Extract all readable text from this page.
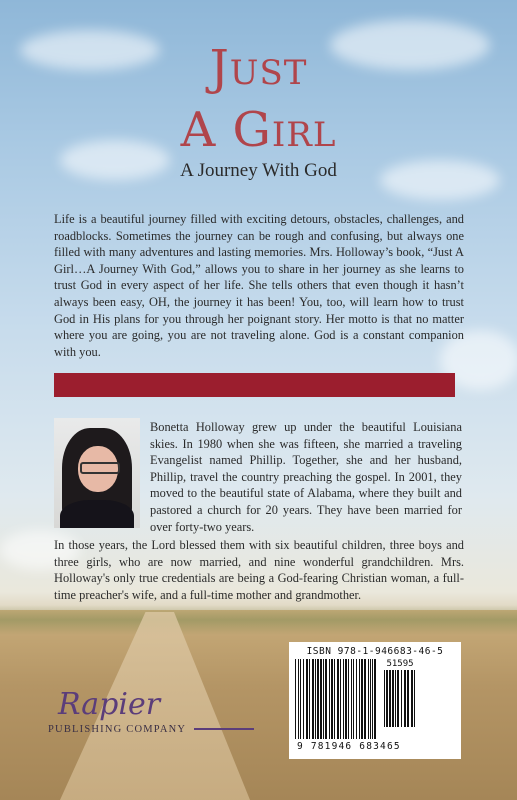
Just
A Girl
A Journey With God
Life is a beautiful journey filled with exciting detours, obstacles, challenges, and roadblocks. Sometimes the journey can be rough and confusing, but always one filled with many adventures and lasting memories. Mrs. Holloway’s book, “Just A Girl…A Journey With God,” allows you to share in her journey as she learns to trust God in every aspect of her life. She tells others that even though it hasn’t always been easy, OH, the journey it has been! You, too, will learn how to trust God in His plans for you through her poignant story. Her motto is that no matter where you are going, you are not traveling alone. God is a constant companion with you.
Bonetta Holloway grew up under the beautiful Louisiana skies. In 1980 when she was fifteen, she married a traveling Evangelist named Phillip. Together, she and her husband, Phillip, travel the country preaching the gospel. In 2001, they moved to the beautiful state of Alabama, where they built and pastored a church for 20 years. They have been married for over forty-two years.
In those years, the Lord blessed them with six beautiful children, three boys and three girls, who are now married, and nine wonderful grandchildren. Mrs. Holloway's only true credentials are being a God-fearing Christian woman, a full-time preacher's wife, and a full-time mother and grandmother.
ISBN 978-1-946683-46-5
51595
9 781946 683465
Rapier
PUBLISHING COMPANY
